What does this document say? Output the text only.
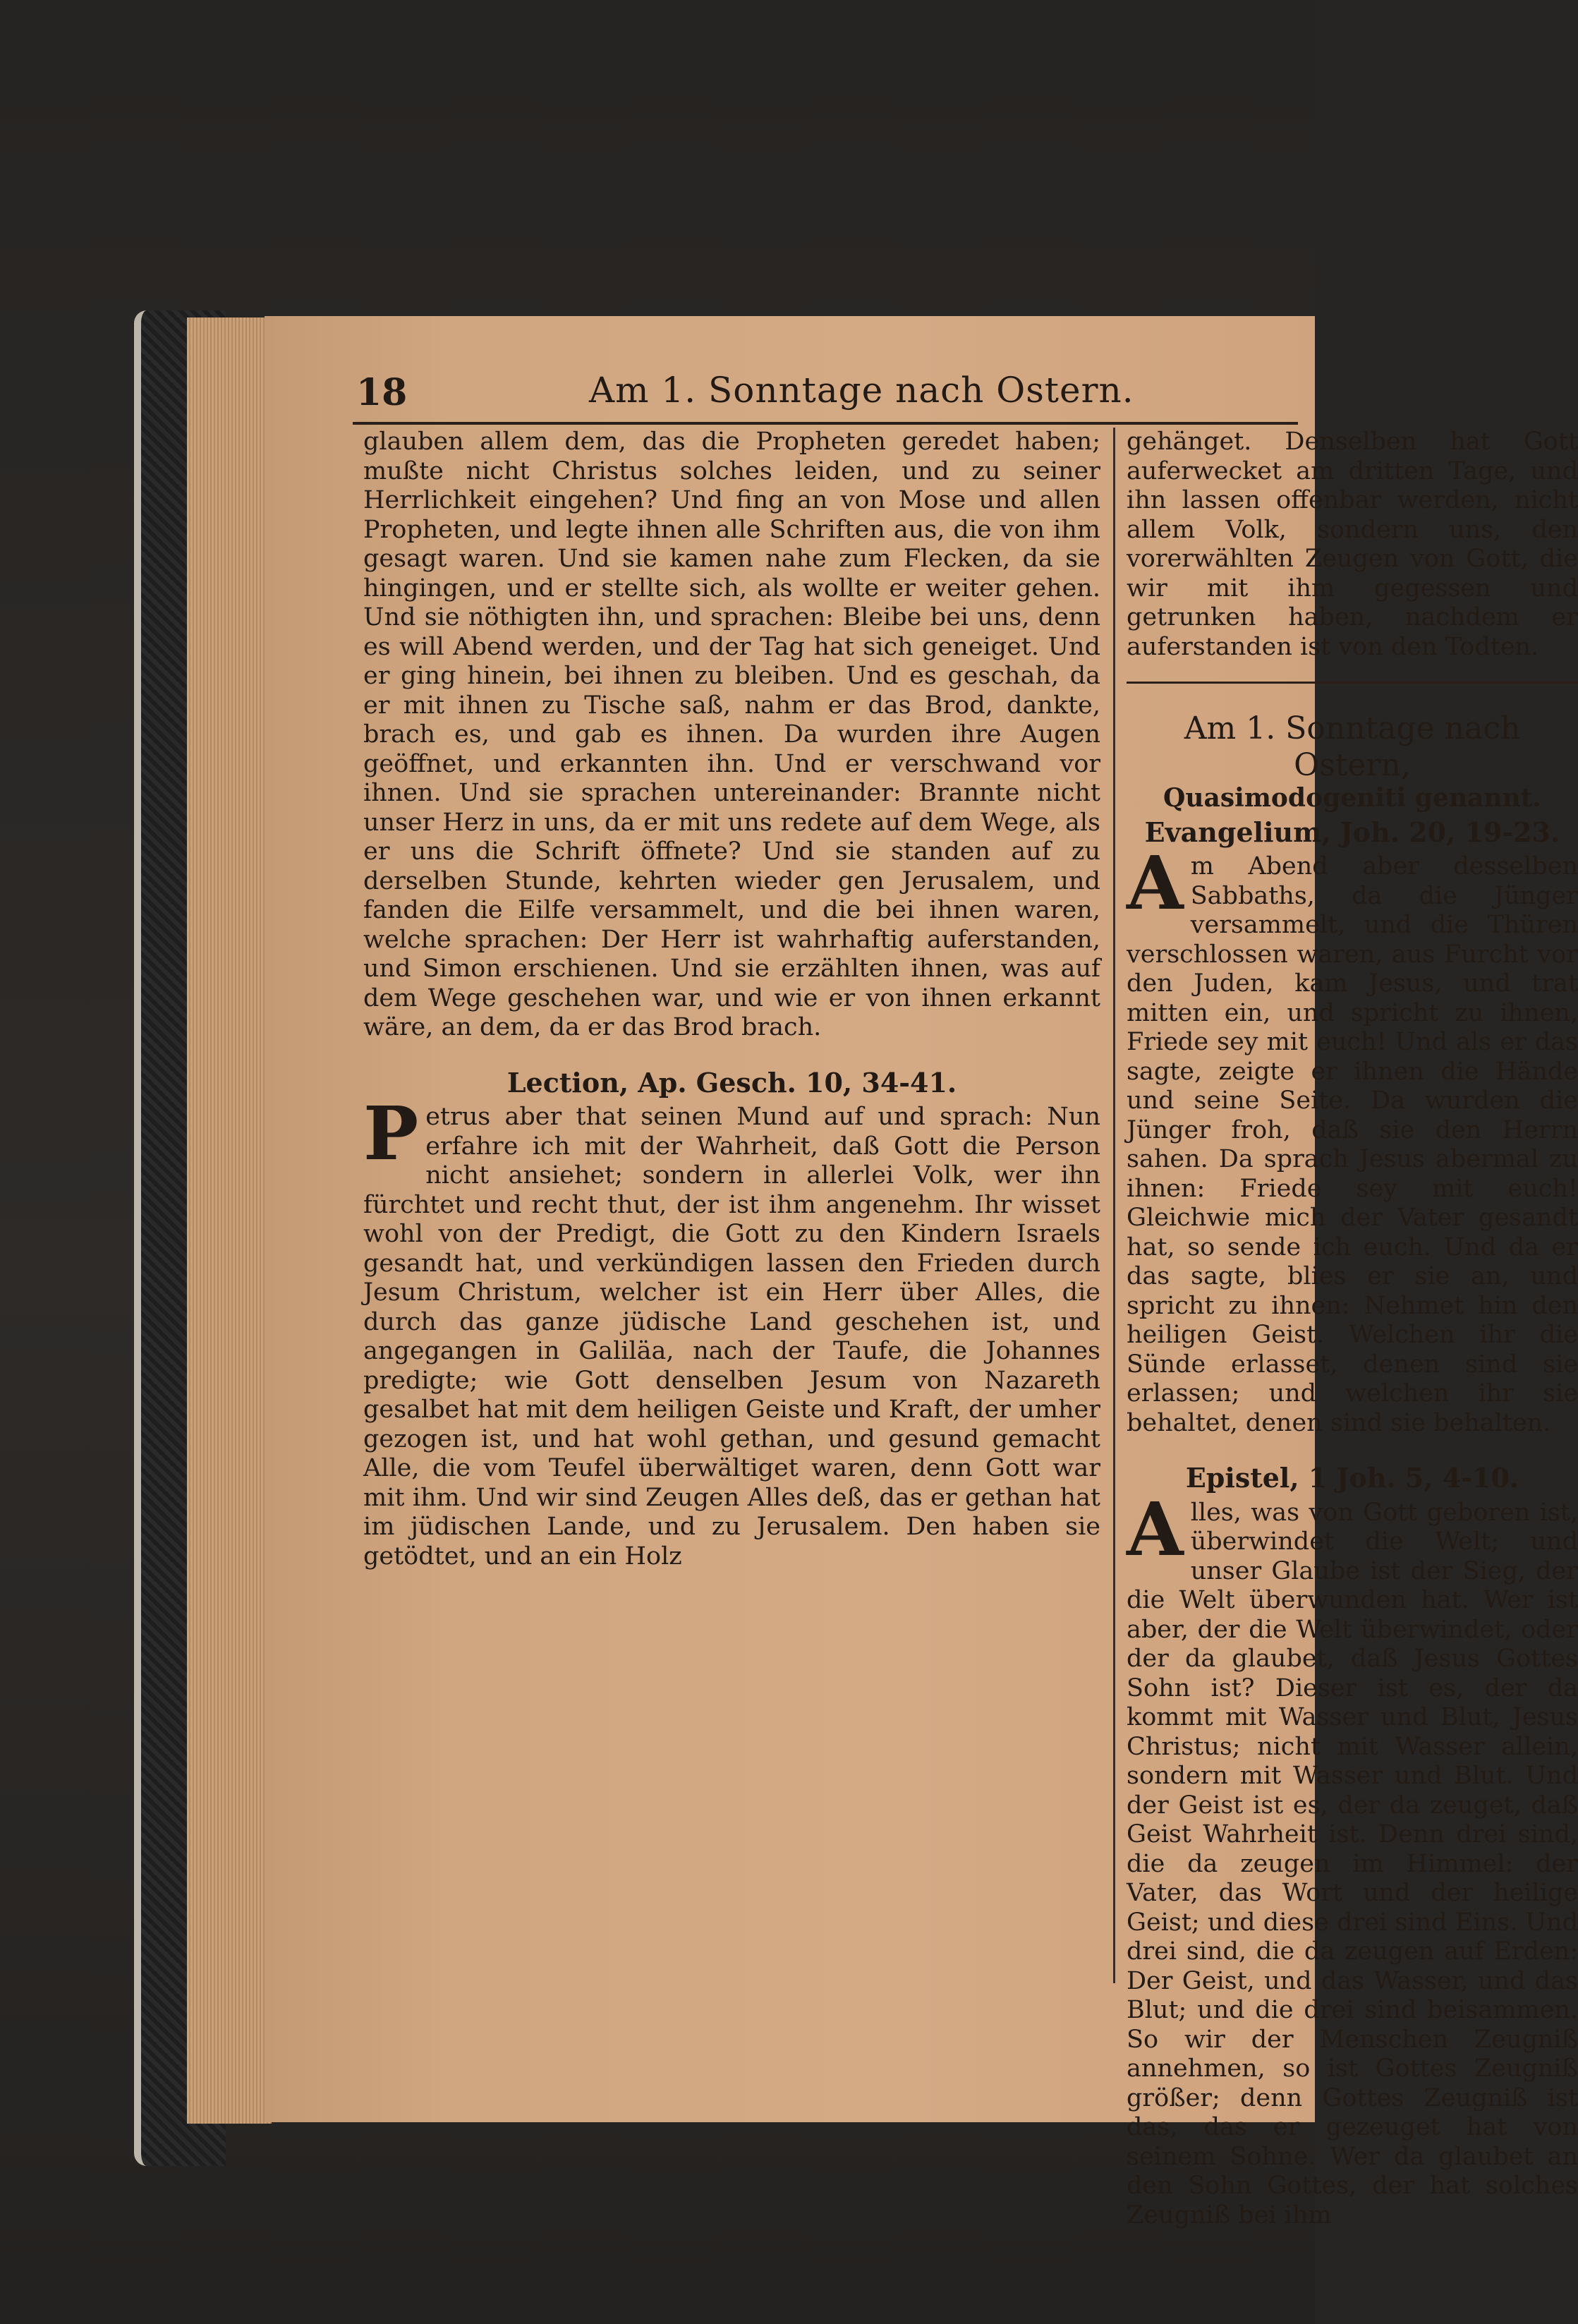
18	Am 1. Sonntage nach Ostern.

glauben allem dem, das die Propheten geredet haben; mußte nicht Christus solches leiden, und zu seiner Herrlichkeit eingehen? Und fing an von Mose und allen Propheten, und legte ihnen alle Schriften aus, die von ihm gesagt waren. Und sie kamen nahe zum Flecken, da sie hingingen, und er stellte sich, als wollte er weiter gehen. Und sie nöthigten ihn, und sprachen: Bleibe bei uns, denn es will Abend werden, und der Tag hat sich geneiget. Und er ging hinein, bei ihnen zu bleiben. Und es geschah, da er mit ihnen zu Tische saß, nahm er das Brod, dankte, brach es, und gab es ihnen. Da wurden ihre Augen geöffnet, und erkannten ihn. Und er verschwand vor ihnen. Und sie sprachen untereinander: Brannte nicht unser Herz in uns, da er mit uns redete auf dem Wege, als er uns die Schrift öffnete? Und sie standen auf zu derselben Stunde, kehrten wieder gen Jerusalem, und fanden die Eilfe versammelt, und die bei ihnen waren, welche sprachen: Der Herr ist wahrhaftig auferstanden, und Simon erschienen. Und sie erzählten ihnen, was auf dem Wege geschehen war, und wie er von ihnen erkannt wäre, an dem, da er das Brod brach.

Lection, Ap. Gesch. 10, 34-41.

Petrus aber that seinen Mund auf und sprach: Nun erfahre ich mit der Wahrheit, daß Gott die Person nicht ansiehet; sondern in allerlei Volk, wer ihn fürchtet und recht thut, der ist ihm angenehm. Ihr wisset wohl von der Predigt, die Gott zu den Kindern Israels gesandt hat, und verkündigen lassen den Frieden durch Jesum Christum, welcher ist ein Herr über Alles, die durch das ganze jüdische Land geschehen ist, und angegangen in Galiläa, nach der Taufe, die Johannes predigte; wie Gott denselben Jesum von Nazareth gesalbet hat mit dem heiligen Geiste und Kraft, der umher gezogen ist, und hat wohl gethan, und gesund gemacht Alle, die vom Teufel überwältiget waren, denn Gott war mit ihm. Und wir sind Zeugen Alles deß, das er gethan hat im jüdischen Lande, und zu Jerusalem. Den haben sie getödtet, und an ein Holz

gehänget. Denselben hat Gott auferwecket am dritten Tage, und ihn lassen offenbar werden, nicht allem Volk, sondern uns, den vorerwählten Zeugen von Gott, die wir mit ihm gegessen und getrunken haben, nachdem er auferstanden ist von den Todten.

Am 1. Sonntage nach Ostern,

Quasimodogeniti genannt.

Evangelium, Joh. 20, 19-23.

Am Abend aber desselben Sabbaths, da die Jünger versammelt, und die Thüren verschlossen waren, aus Furcht vor den Juden, kam Jesus, und trat mitten ein, und spricht zu ihnen, Friede sey mit euch! Und als er das sagte, zeigte er ihnen die Hände und seine Seite. Da wurden die Jünger froh, daß sie den Herrn sahen. Da sprach Jesus abermal zu ihnen: Friede sey mit euch! Gleichwie mich der Vater gesandt hat, so sende ich euch. Und da er das sagte, blies er sie an, und spricht zu ihnen: Nehmet hin den heiligen Geist. Welchen ihr die Sünde erlasset, denen sind sie erlassen; und welchen ihr sie behaltet, denen sind sie behalten.

Epistel, 1 Joh. 5, 4-10.

Alles, was von Gott geboren ist, überwindet die Welt; und unser Glaube ist der Sieg, der die Welt überwunden hat. Wer ist aber, der die Welt überwindet, oder der da glaubet, daß Jesus Gottes Sohn ist? Dieser ist es, der da kommt mit Wasser und Blut, Jesus Christus; nicht mit Wasser allein, sondern mit Wasser und Blut. Und der Geist ist es, der da zeuget, daß Geist Wahrheit ist. Denn drei sind, die da zeugen im Himmel: der Vater, das Wort und der heilige Geist; und diese drei sind Eins. Und drei sind, die da zeugen auf Erden: Der Geist, und das Wasser, und das Blut; und die drei sind beisammen. So wir der Menschen Zeugniß annehmen, so ist Gottes Zeugniß größer; denn Gottes Zeugniß ist das, das er gezeuget hat von seinem Sohne. Wer da glaubet an den Sohn Gottes, der hat solches Zeugniß bei ihm
